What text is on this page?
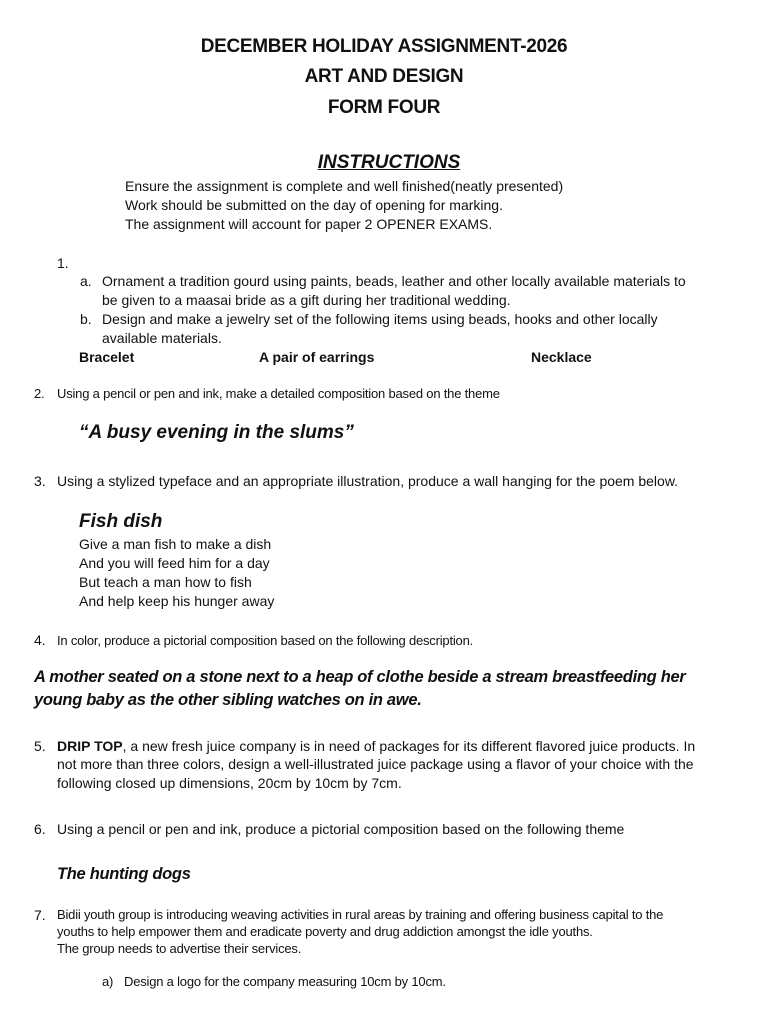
DECEMBER HOLIDAY ASSIGNMENT-2026
ART AND DESIGN
FORM FOUR
INSTRUCTIONS
Ensure the assignment is complete and well finished(neatly presented)
Work should be submitted on the day of opening for marking.
The assignment will account for paper 2 OPENER EXAMS.
1.
a. Ornament a tradition gourd using paints, beads, leather and other locally available materials to
be given to a maasai bride as a gift during her traditional wedding.
b. Design and make a jewelry set of the following items using beads, hooks and other locally
available materials.
Bracelet	A pair of earrings	Necklace
2. Using a pencil or pen and ink, make a detailed composition based on the theme
“A busy evening in the slums”
3. Using a stylized typeface and an appropriate illustration, produce a wall hanging for the poem below.
Fish dish
Give a man fish to make a dish
And you will feed him for a day
But teach a man how to fish
And help keep his hunger away
4. In color, produce a pictorial composition based on the following description.
A mother seated on a stone next to a heap of clothe beside a stream breastfeeding her
young baby as the other sibling watches on in awe.
5. DRIP TOP, a new fresh juice company is in need of packages for its different flavored juice products. In
not more than three colors, design a well-illustrated juice package using a flavor of your choice with the
following closed up dimensions, 20cm by 10cm by 7cm.
6. Using a pencil or pen and ink, produce a pictorial composition based on the following theme
The hunting dogs
7. Bidii youth group is introducing weaving activities in rural areas by training and offering business capital to the
youths to help empower them and eradicate poverty and drug addiction amongst the idle youths.
The group needs to advertise their services.
a) Design a logo for the company measuring 10cm by 10cm.
